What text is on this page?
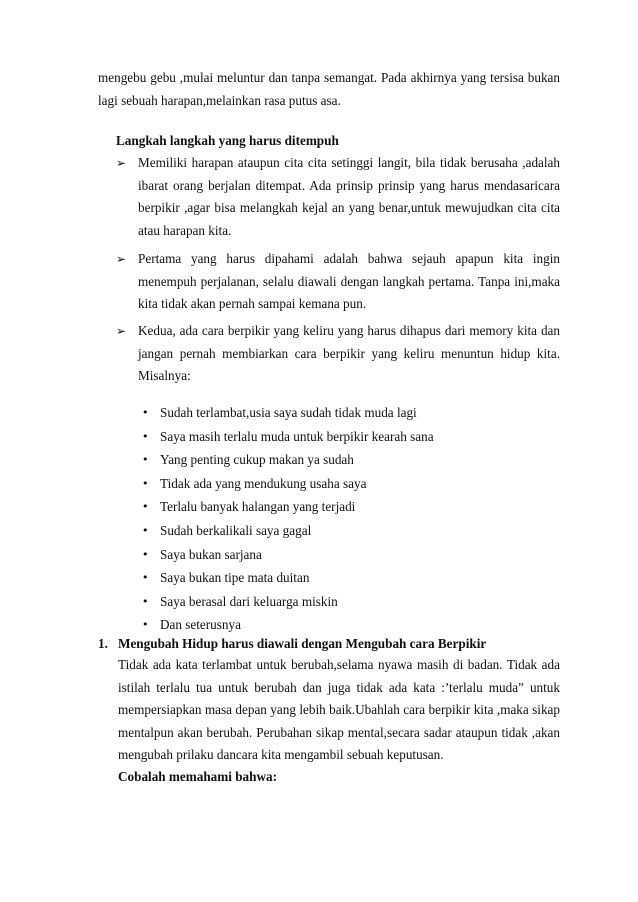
mengebu gebu ,mulai meluntur dan tanpa semangat. Pada akhirnya yang tersisa bukan lagi sebuah harapan,melainkan rasa putus asa.
Langkah langkah yang harus ditempuh
➢ Memiliki harapan ataupun cita cita setinggi langit, bila tidak berusaha ,adalah ibarat orang berjalan ditempat. Ada prinsip prinsip yang harus mendasaricara berpikir ,agar bisa melangkah kejal an yang benar,untuk mewujudkan cita cita atau harapan kita.
➢ Pertama yang harus dipahami adalah bahwa sejauh apapun kita ingin menempuh perjalanan, selalu diawali dengan langkah pertama. Tanpa ini,maka kita tidak akan pernah sampai kemana pun.
➢ Kedua, ada cara berpikir yang keliru yang harus dihapus dari memory kita dan jangan pernah membiarkan cara berpikir yang keliru menuntun hidup kita. Misalnya:
• Sudah terlambat,usia saya sudah tidak muda lagi
• Saya masih terlalu muda untuk berpikir kearah sana
• Yang penting cukup makan ya sudah
• Tidak ada yang mendukung usaha saya
• Terlalu banyak halangan yang terjadi
• Sudah berkalikali saya gagal
• Saya bukan sarjana
• Saya bukan tipe mata duitan
• Saya berasal dari keluarga miskin
• Dan seterusnya
1. Mengubah Hidup harus diawali dengan Mengubah cara Berpikir
Tidak ada kata terlambat untuk berubah,selama nyawa masih di badan. Tidak ada istilah terlalu tua untuk berubah dan juga tidak ada kata :’terlalu muda” untuk mempersiapkan masa depan yang lebih baik.Ubahlah cara berpikir kita ,maka sikap mentalpun akan berubah. Perubahan sikap mental,secara sadar ataupun tidak ,akan mengubah prilaku dancara kita mengambil sebuah keputusan.
Cobalah memahami bahwa:
